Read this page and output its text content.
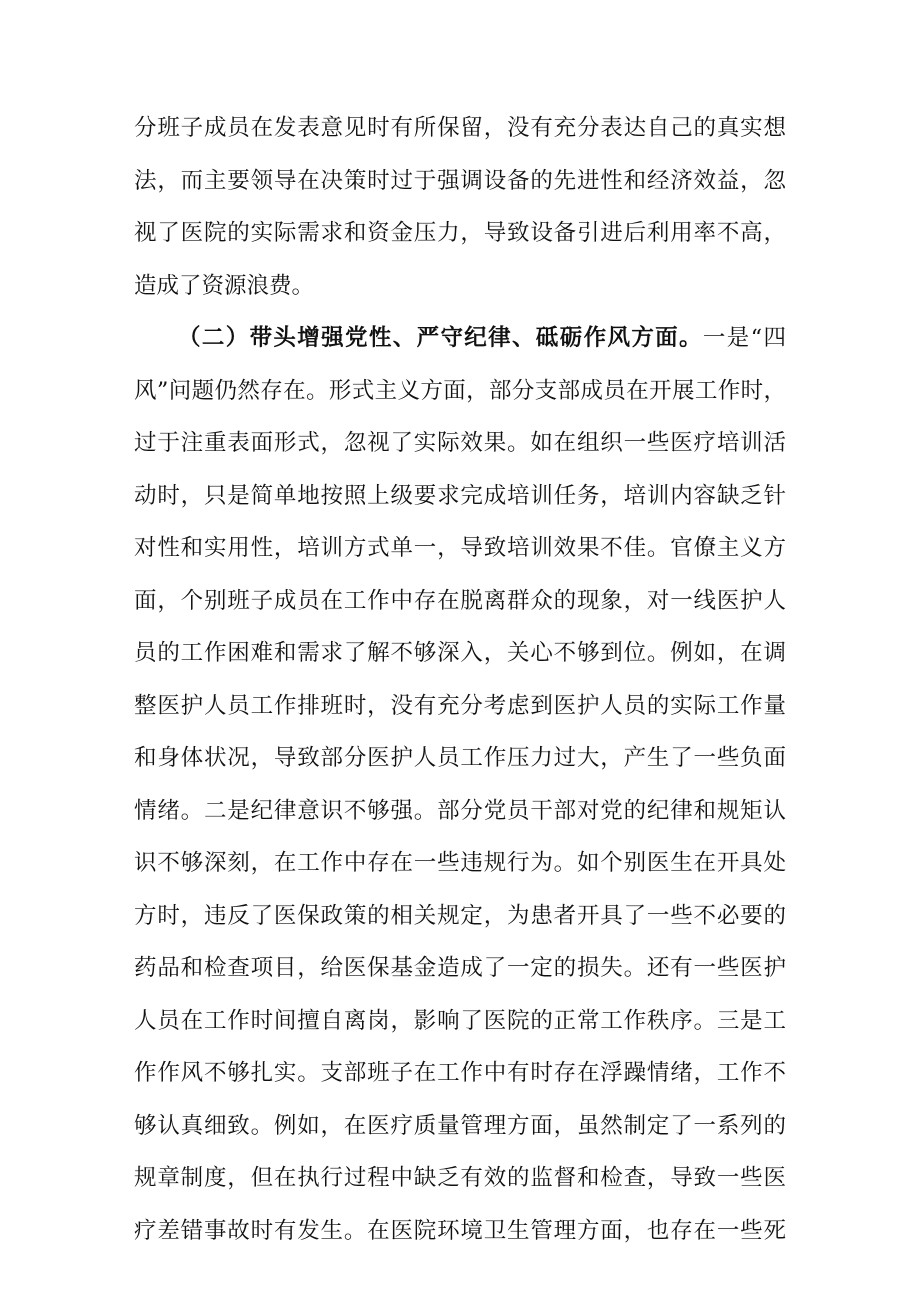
分班子成员在发表意见时有所保留，没有充分表达自己的真实想
法，而主要领导在决策时过于强调设备的先进性和经济效益，忽
视了医院的实际需求和资金压力，导致设备引进后利用率不高，
造成了资源浪费。
（二）带头增强党性、严守纪律、砥砺作风方面。一是“四
风”问题仍然存在。形式主义方面，部分支部成员在开展工作时，
过于注重表面形式，忽视了实际效果。如在组织一些医疗培训活
动时，只是简单地按照上级要求完成培训任务，培训内容缺乏针
对性和实用性，培训方式单一，导致培训效果不佳。官僚主义方
面，个别班子成员在工作中存在脱离群众的现象，对一线医护人
员的工作困难和需求了解不够深入，关心不够到位。例如，在调
整医护人员工作排班时，没有充分考虑到医护人员的实际工作量
和身体状况，导致部分医护人员工作压力过大，产生了一些负面
情绪。二是纪律意识不够强。部分党员干部对党的纪律和规矩认
识不够深刻，在工作中存在一些违规行为。如个别医生在开具处
方时，违反了医保政策的相关规定，为患者开具了一些不必要的
药品和检查项目，给医保基金造成了一定的损失。还有一些医护
人员在工作时间擅自离岗，影响了医院的正常工作秩序。三是工
作作风不够扎实。支部班子在工作中有时存在浮躁情绪，工作不
够认真细致。例如，在医疗质量管理方面，虽然制定了一系列的
规章制度，但在执行过程中缺乏有效的监督和检查，导致一些医
疗差错事故时有发生。在医院环境卫生管理方面，也存在一些死
